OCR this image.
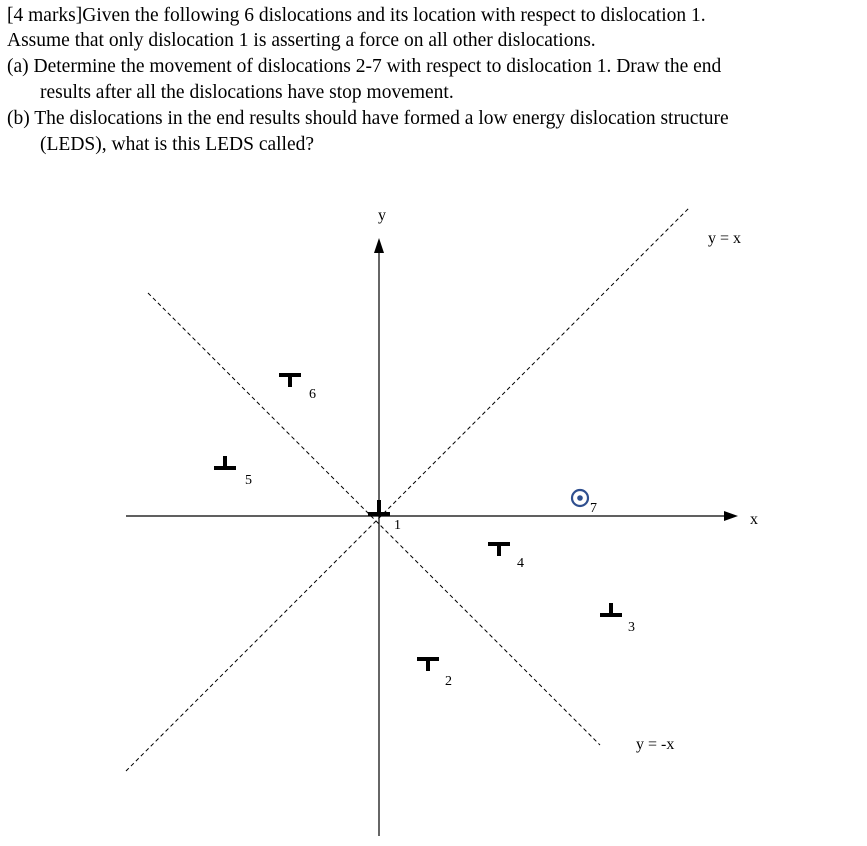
[4 marks]Given the following 6 dislocations and its location with respect to dislocation 1.
Assume that only dislocation 1 is asserting a force on all other dislocations.
(a) Determine the movement of dislocations 2-7 with respect to dislocation 1. Draw the end
results after all the dislocations have stop movement.
(b) The dislocations in the end results should have formed a low energy dislocation structure
(LEDS), what is this LEDS called?
y
x
y = x
y = -x
1
2
3
4
5
6
7
